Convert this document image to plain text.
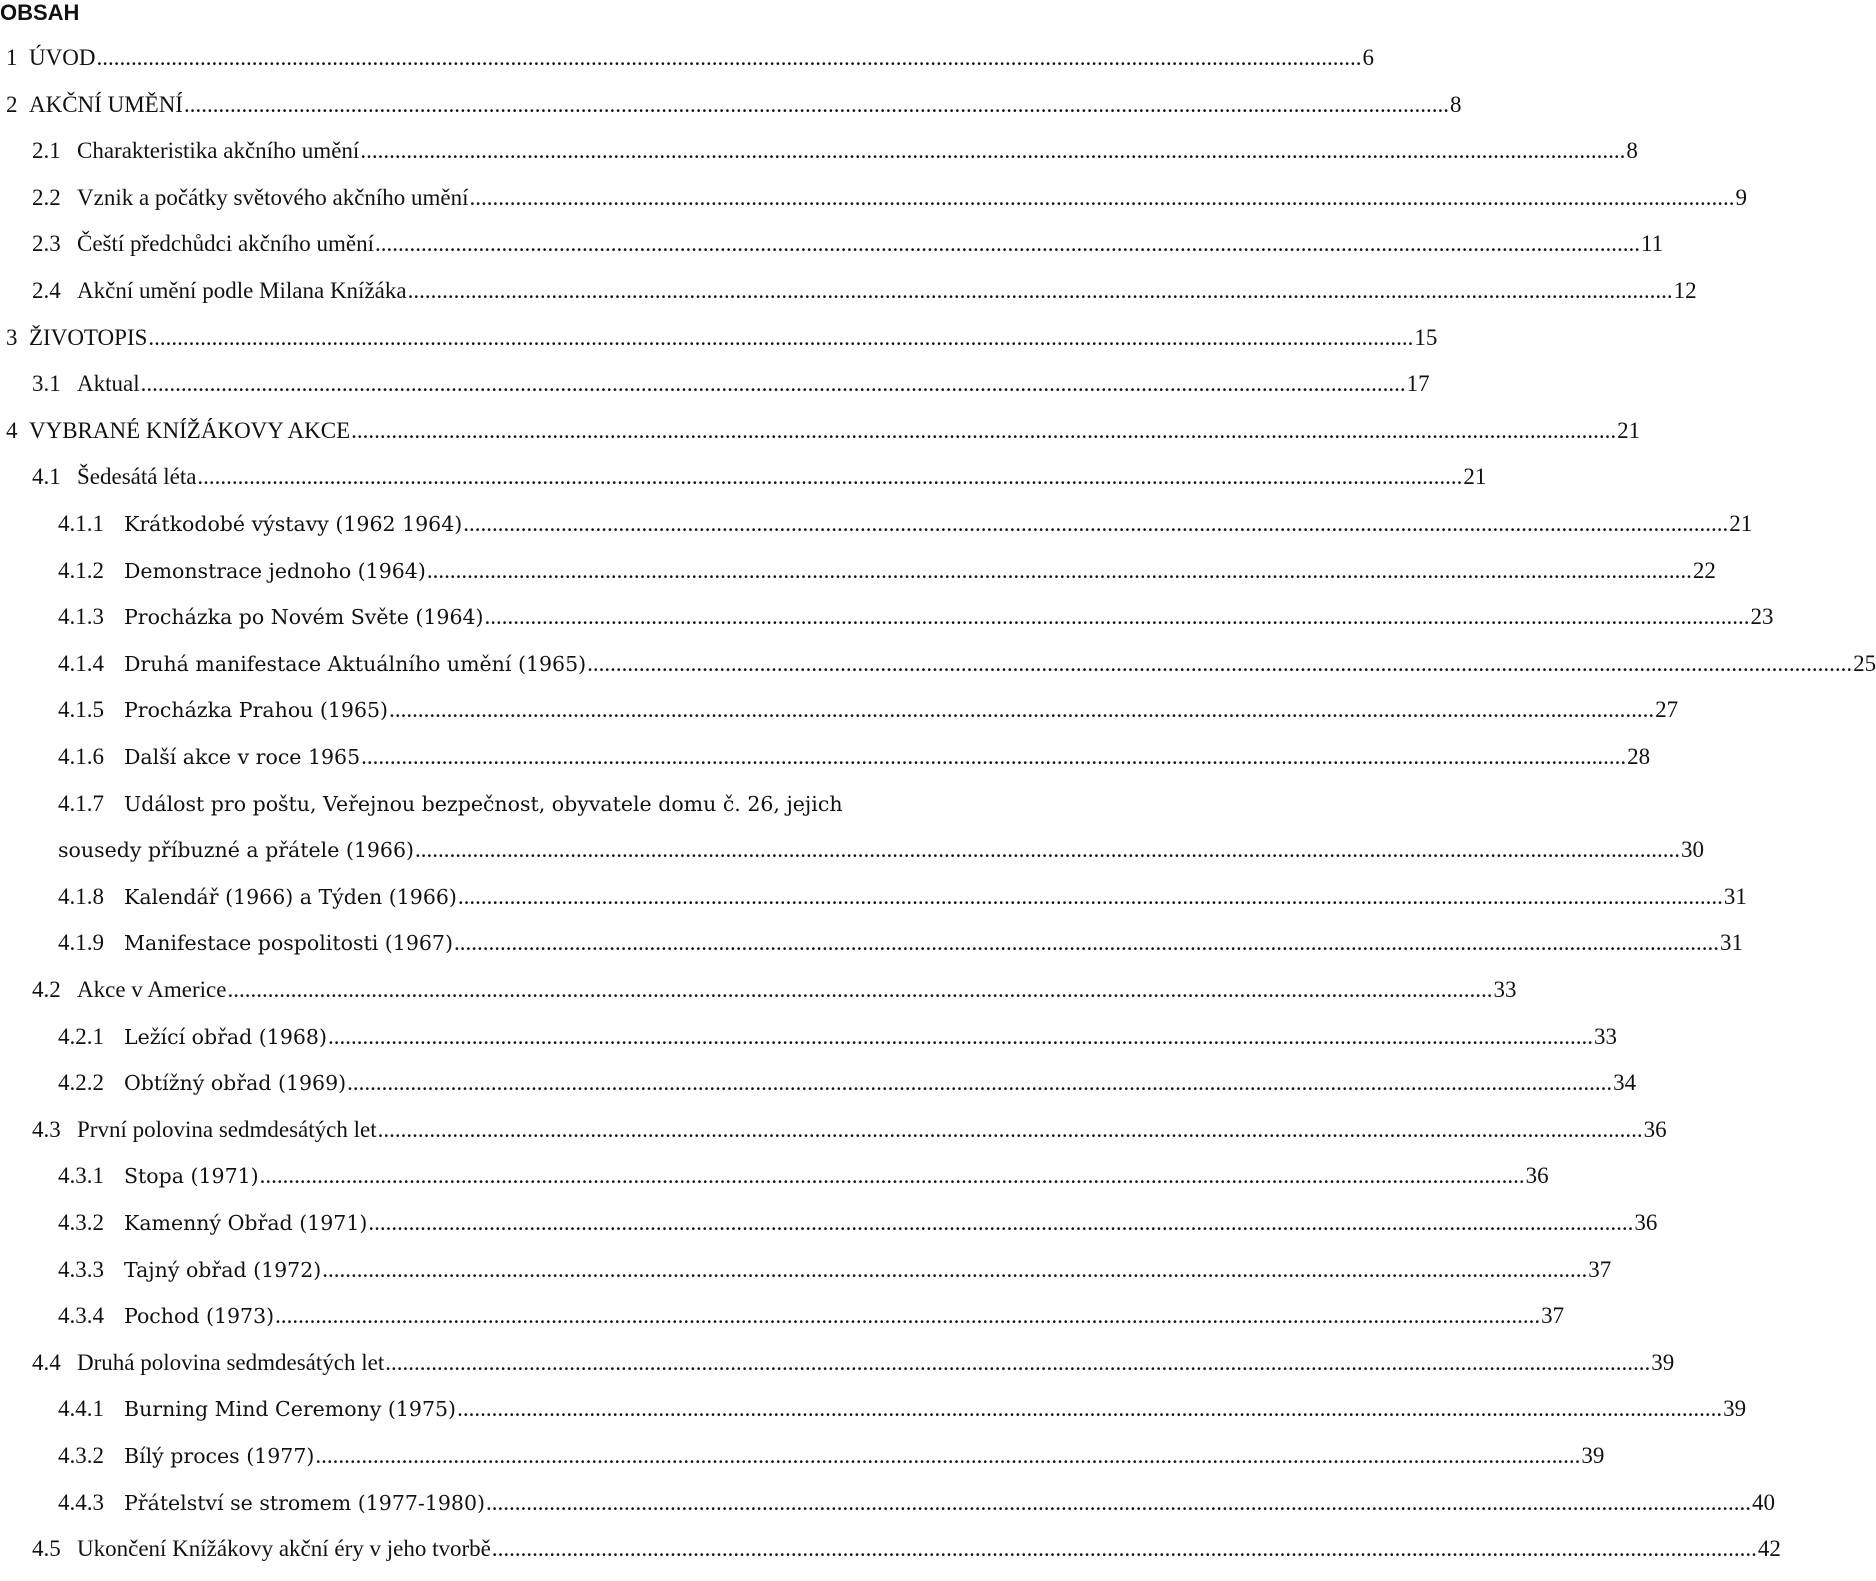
OBSAH
1 ÚVOD ............................................................................................................................................................................................................................ 6
2 AKČNÍ UMĚNÍ ............................................................................................................................................................................................................................ 8
2.1 Charakteristika akčního umění ............................................................................................................................................................................................................................ 8
2.2 Vznik a počátky světového akčního umění ............................................................................................................................................................................................................................ 9
2.3 Čeští předchůdci akčního umění ............................................................................................................................................................................................................................ 11
2.4 Akční umění podle Milana Knížáka ............................................................................................................................................................................................................................ 12
3 ŽIVOTOPIS ............................................................................................................................................................................................................................ 15
3.1 Aktual ............................................................................................................................................................................................................................ 17
4 VYBRANÉ KNÍŽÁKOVY AKCE ............................................................................................................................................................................................................................ 21
4.1 Šedesátá léta ............................................................................................................................................................................................................................ 21
4.1.1 Krátkodobé výstavy (1962 1964) ............................................................................................................................................................................................................................ 21
4.1.2 Demonstrace jednoho (1964) ............................................................................................................................................................................................................................ 22
4.1.3 Procházka po Novém Světe (1964) ............................................................................................................................................................................................................................ 23
4.1.4 Druhá manifestace Aktuálního umění (1965) ............................................................................................................................................................................................................................ 25
4.1.5 Procházka Prahou (1965) ............................................................................................................................................................................................................................ 27
4.1.6 Další akce v roce 1965 ............................................................................................................................................................................................................................ 28
4.1.7 Událost pro poštu, Veřejnou bezpečnost, obyvatele domu č. 26, jejich
sousedy příbuzné a přátele (1966) ............................................................................................................................................................................................................................ 30
4.1.8 Kalendář (1966) a Týden (1966) ............................................................................................................................................................................................................................ 31
4.1.9 Manifestace pospolitosti (1967) ............................................................................................................................................................................................................................ 31
4.2 Akce v Americe ............................................................................................................................................................................................................................ 33
4.2.1 Ležící obřad (1968) ............................................................................................................................................................................................................................ 33
4.2.2 Obtížný obřad (1969) ............................................................................................................................................................................................................................ 34
4.3 První polovina sedmdesátých let ............................................................................................................................................................................................................................ 36
4.3.1 Stopa (1971) ............................................................................................................................................................................................................................ 36
4.3.2 Kamenný Obřad (1971) ............................................................................................................................................................................................................................ 36
4.3.3 Tajný obřad (1972) ............................................................................................................................................................................................................................ 37
4.3.4 Pochod (1973) ............................................................................................................................................................................................................................ 37
4.4 Druhá polovina sedmdesátých let ............................................................................................................................................................................................................................ 39
4.4.1 Burning Mind Ceremony (1975) ............................................................................................................................................................................................................................ 39
4.3.2 Bílý proces (1977) ............................................................................................................................................................................................................................ 39
4.4.3 Přátelství se stromem (1977-1980) ............................................................................................................................................................................................................................ 40
4.5 Ukončení Knížákovy akční éry v jeho tvorbě ............................................................................................................................................................................................................................ 42
